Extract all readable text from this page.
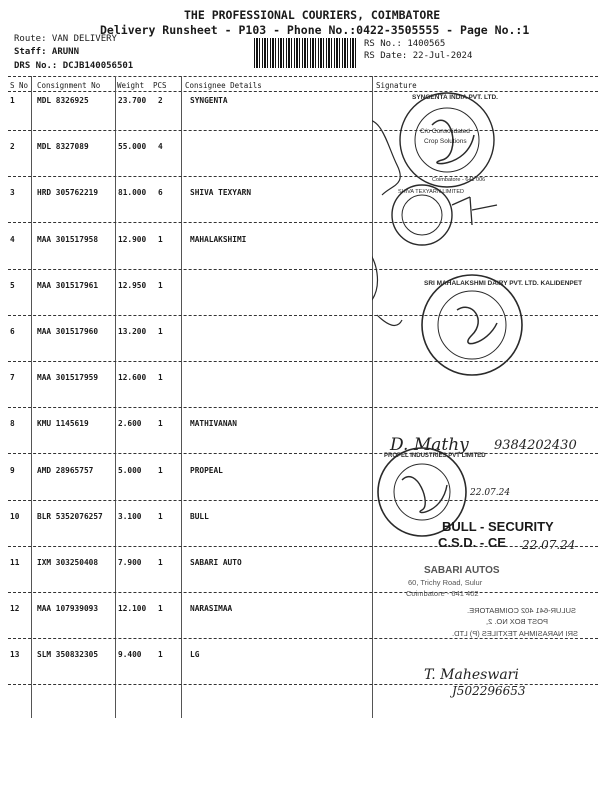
THE PROFESSIONAL COURIERS, COIMBATORE
Delivery Runsheet - P103 - Phone No.:0422-3505555 - Page No.:1
Route: VAN DELIVERY
Staff: ARUNN
DRS No.: DCJB140056501
RS No.: 1400565
RS Date: 22-Jul-2024
S No Consignment No Weight PCS Consignee Details	Signature
1	MDL 8326925	23.700 2	SYNGENTA
2	MDL 8327089	55.000 4
3	HRD 305762219	81.000 6	SHIVA TEXYARN
4	MAA 301517958	12.900 1	MAHALAKSHIMI
5	MAA 301517961	12.950 1
6	MAA 301517960	13.200 1
7	MAA 301517959	12.600 1
8	KMU 1145619	2.600 1	MATHIVANAN
9	AMD 28965757	5.000 1	PROPEAL
10 BLR 5352076257 3.100 1	BULL
11 IXM 303250408	7.900 1	SABARI AUTO
12 MAA 107939093	12.100 1	NARASIMAA
13 SLM 350832305	9.400 1	LG
C/o Consolidated
Crop Solutions
Coimbatore - 641 006
SYNGENTA INDIA PVT. LTD.
SHIVA TEXYARN LIMITED
SRI MAHALAKSHMI DAIRY PVT. LTD. KALIDENPET
D. Mathy 9384202430
PROPEL INDUSTRIES PVT LIMITED
22.07.24
BULL - SECURITY
C.S.D. - CE 22.07.24
SABARI AUTOS
60, Trichy Road, Sulur
Coimbatore - 641 402
SULUR-641 402 COIMBATORE.
POST BOX NO. 2,
SRI NARASIMHA TEXTILES (P) LTD.
T. Maheswari
J502296653
